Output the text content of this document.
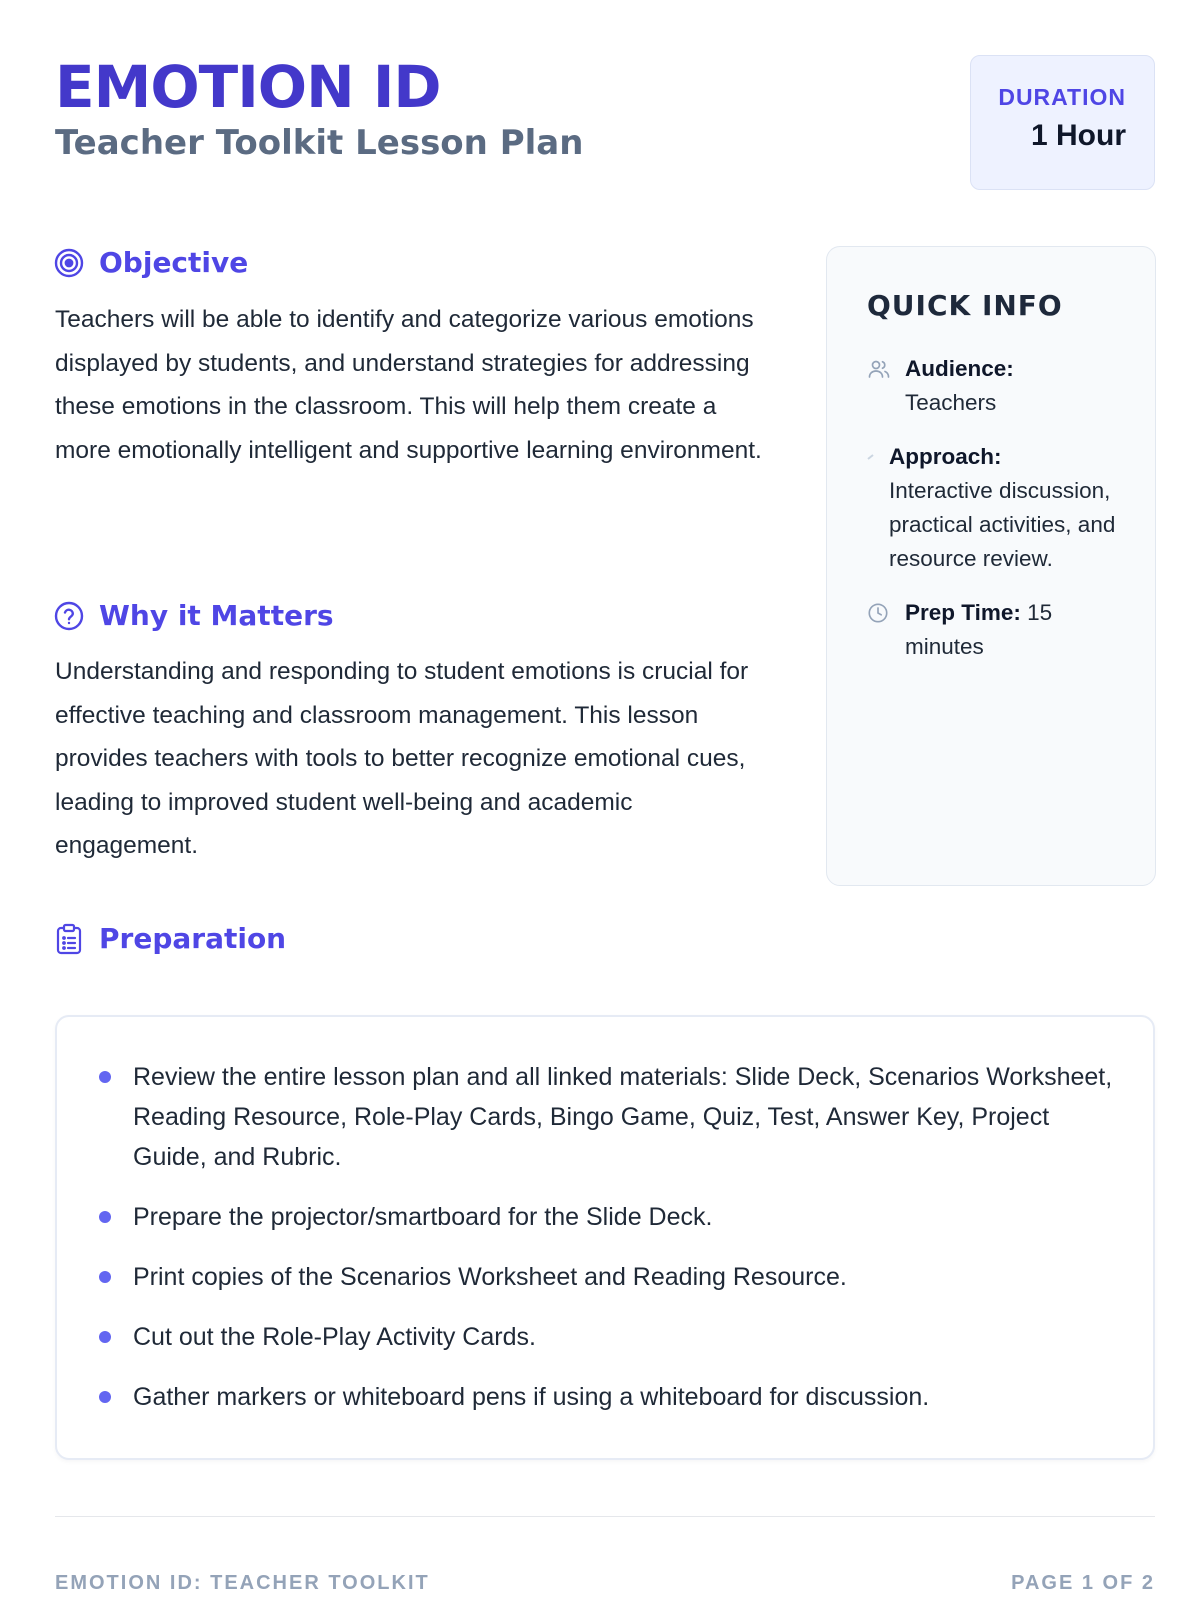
EMOTION ID
Teacher Toolkit Lesson Plan
DURATION
1 Hour
Objective
Teachers will be able to identify and categorize various emotions displayed by students, and understand strategies for addressing these emotions in the classroom. This will help them create a more emotionally intelligent and supportive learning environment.
Why it Matters
Understanding and responding to student emotions is crucial for effective teaching and classroom management. This lesson provides teachers with tools to better recognize emotional cues, leading to improved student well-being and academic engagement.
QUICK INFO
Audience:
Teachers
Approach:
Interactive discussion, practical activities, and resource review.
Prep Time: 15 minutes
Preparation
Review the entire lesson plan and all linked materials: Slide Deck, Scenarios Worksheet, Reading Resource, Role-Play Cards, Bingo Game, Quiz, Test, Answer Key, Project Guide, and Rubric.
Prepare the projector/smartboard for the Slide Deck.
Print copies of the Scenarios Worksheet and Reading Resource.
Cut out the Role-Play Activity Cards.
Gather markers or whiteboard pens if using a whiteboard for discussion.
EMOTION ID: TEACHER TOOLKIT	PAGE 1 OF 2
